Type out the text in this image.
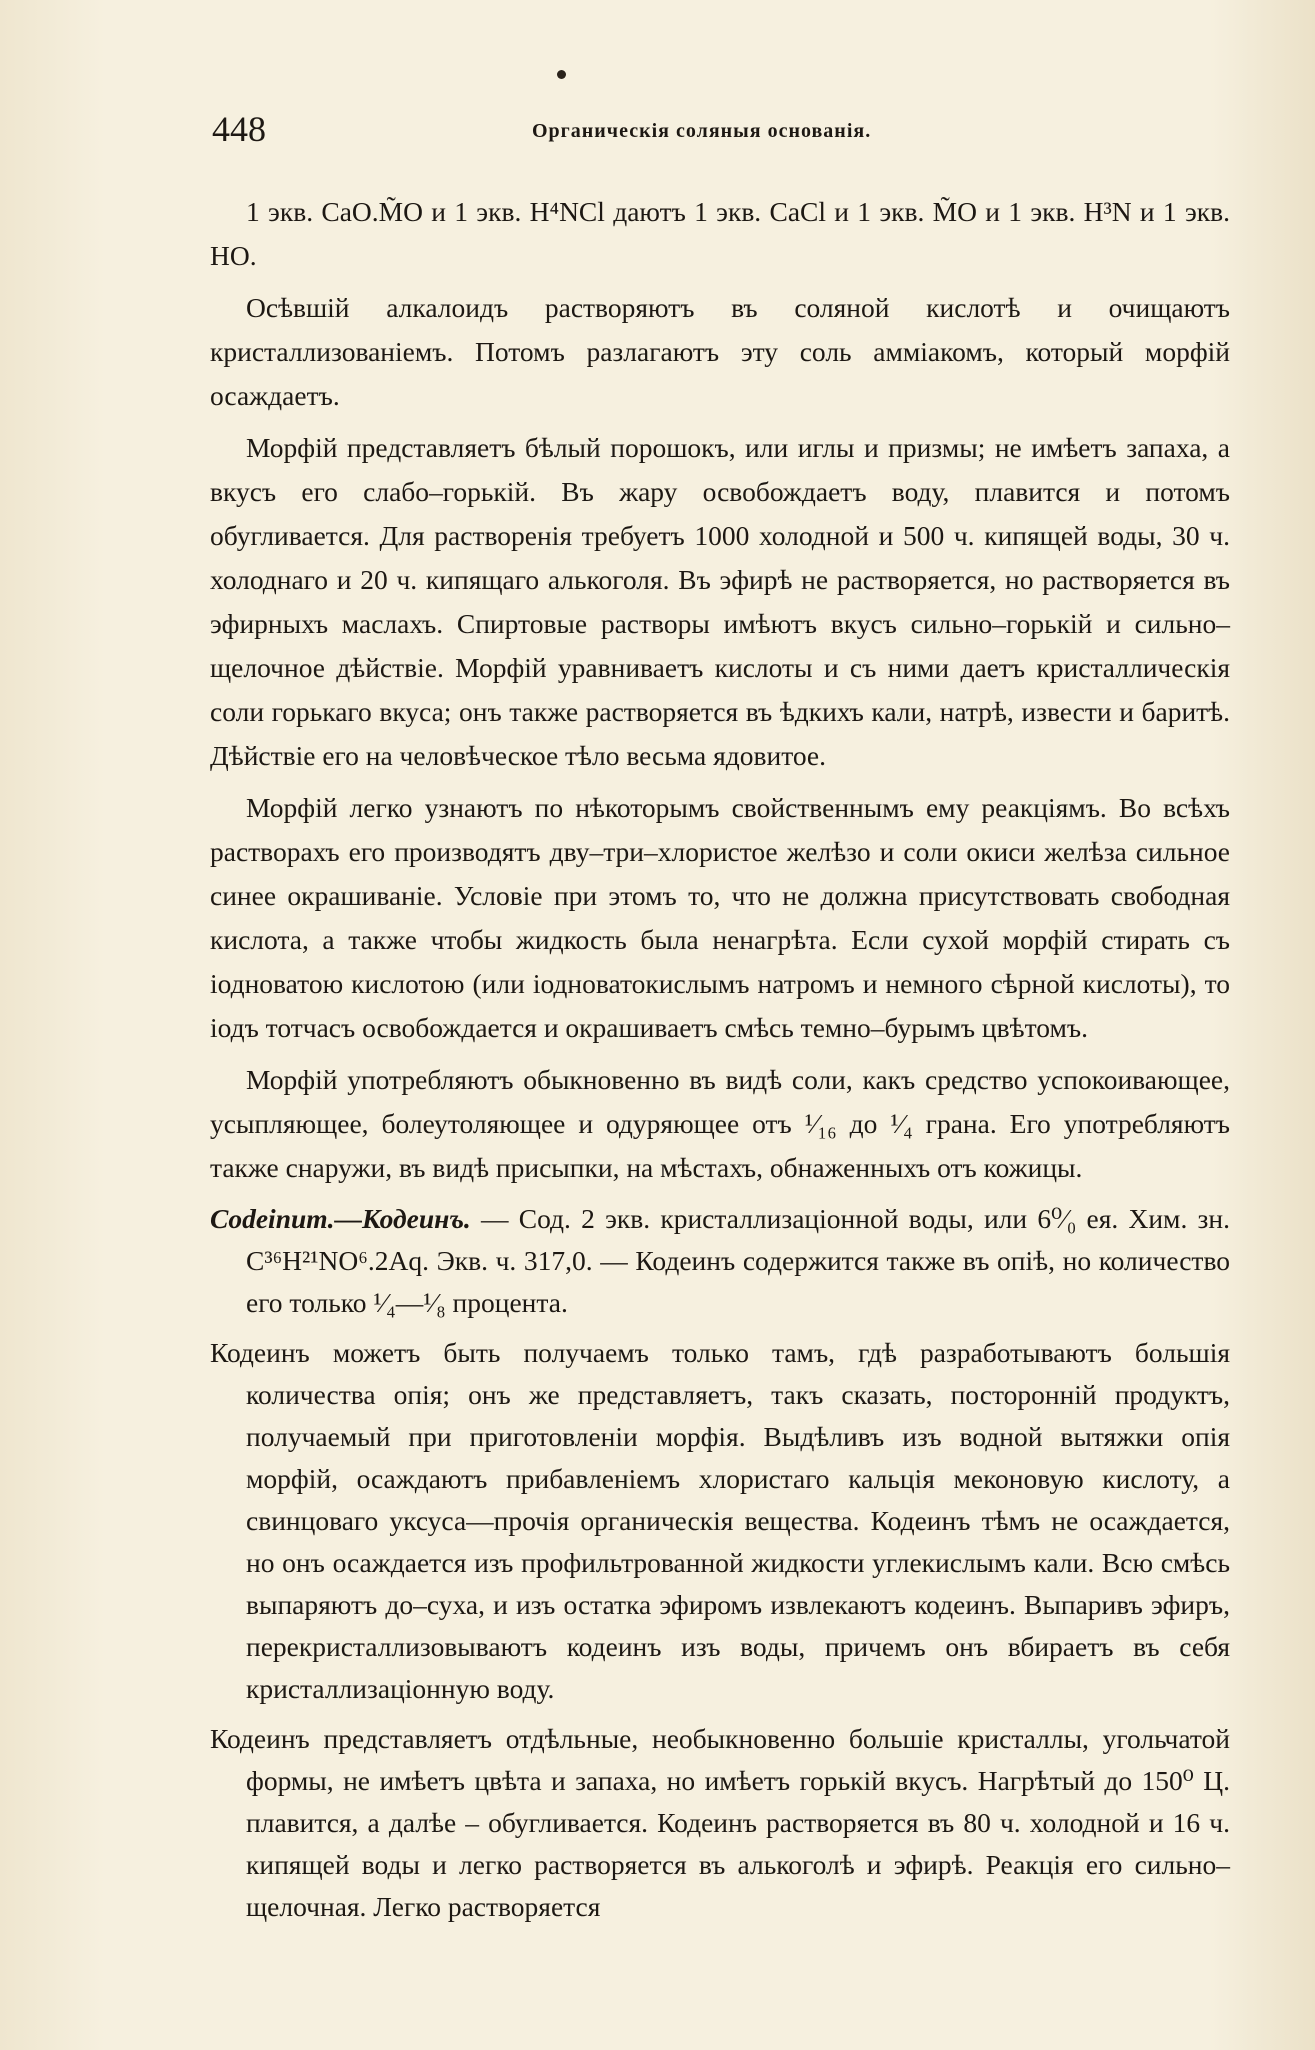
448	Органическія соляныя основанія.

1 экв. CaO.M̃O и 1 экв. H⁴NCl даютъ 1 экв. CaCl и 1 экв. M̃O и 1 экв. H³N и 1 экв. HO.

Осѣвшій алкалоидъ растворяютъ въ соляной кислотѣ и очищаютъ кристаллизованіемъ. Потомъ разлагаютъ эту соль амміакомъ, который морфій осаждаетъ.

Морфій представляетъ бѣлый порошокъ, или иглы и призмы; не имѣетъ запаха, а вкусъ его слабо–горькій. Въ жару освобождаетъ воду, плавится и потомъ обугливается. Для растворенія требуетъ 1000 холодной и 500 ч. кипящей воды, 30 ч. холоднаго и 20 ч. кипящаго алькоголя. Въ эфирѣ не растворяется, но растворяется въ эфирныхъ маслахъ. Спиртовые растворы имѣютъ вкусъ сильно–горькій и сильно–щелочное дѣйствіе. Морфій уравниваетъ кислоты и съ ними даетъ кристаллическія соли горькаго вкуса; онъ также растворяется въ ѣдкихъ кали, натрѣ, извести и баритѣ. Дѣйствіе его на человѣческое тѣло весьма ядовитое.

Морфій легко узнаютъ по нѣкоторымъ свойственнымъ ему реакціямъ. Во всѣхъ растворахъ его производятъ дву–три–хлористое желѣзо и соли окиси желѣза сильное синее окрашиваніе. Условіе при этомъ то, что не должна присутствовать свободная кислота, а также чтобы жидкость была ненагрѣта. Если сухой морфій стирать съ іодноватою кислотою (или іодноватокислымъ натромъ и немного сѣрной кислоты), то іодъ тотчасъ освобождается и окрашиваетъ смѣсь темно–бурымъ цвѣтомъ.

Морфій употребляютъ обыкновенно въ видѣ соли, какъ средство успокоивающее, усыпляющее, болеутоляющее и одуряющее отъ ¹⁄₁₆ до ¹⁄₄ грана. Его употребляютъ также снаружи, въ видѣ присыпки, на мѣстахъ, обнаженныхъ отъ кожицы.

Codeinum.—Кодеинъ. — Сод. 2 экв. кристаллизаціонной воды, или 6⁰⁄₀ ея. Хим. зн. C³⁶H²¹NO⁶.2Aq. Экв. ч. 317,0. — Кодеинъ содержится также въ опіѣ, но количество его только ¹⁄₄—¹⁄₈ процента.

Кодеинъ можетъ быть получаемъ только тамъ, гдѣ разработываютъ большія количества опія; онъ же представляетъ, такъ сказать, посторонній продуктъ, получаемый при приготовленіи морфія. Выдѣливъ изъ водной вытяжки опія морфій, осаждаютъ прибавленіемъ хлористаго кальція меконовую кислоту, а свинцоваго уксуса—прочія органическія вещества. Кодеинъ тѣмъ не осаждается, но онъ осаждается изъ профильтрованной жидкости углекислымъ кали. Всю смѣсь выпаряютъ до–суха, и изъ остатка эфиромъ извлекаютъ кодеинъ. Выпаривъ эфиръ, перекристаллизовываютъ кодеинъ изъ воды, причемъ онъ вбираетъ въ себя кристаллизаціонную воду.

Кодеинъ представляетъ отдѣльные, необыкновенно большіе кристаллы, угольчатой формы, не имѣетъ цвѣта и запаха, но имѣетъ горькій вкусъ. Нагрѣтый до 150⁰ Ц. плавится, а далѣе – обугливается. Кодеинъ растворяется въ 80 ч. холодной и 16 ч. кипящей воды и легко растворяется въ алькоголѣ и эфирѣ. Реакція его сильно–щелочная. Легко растворяется
